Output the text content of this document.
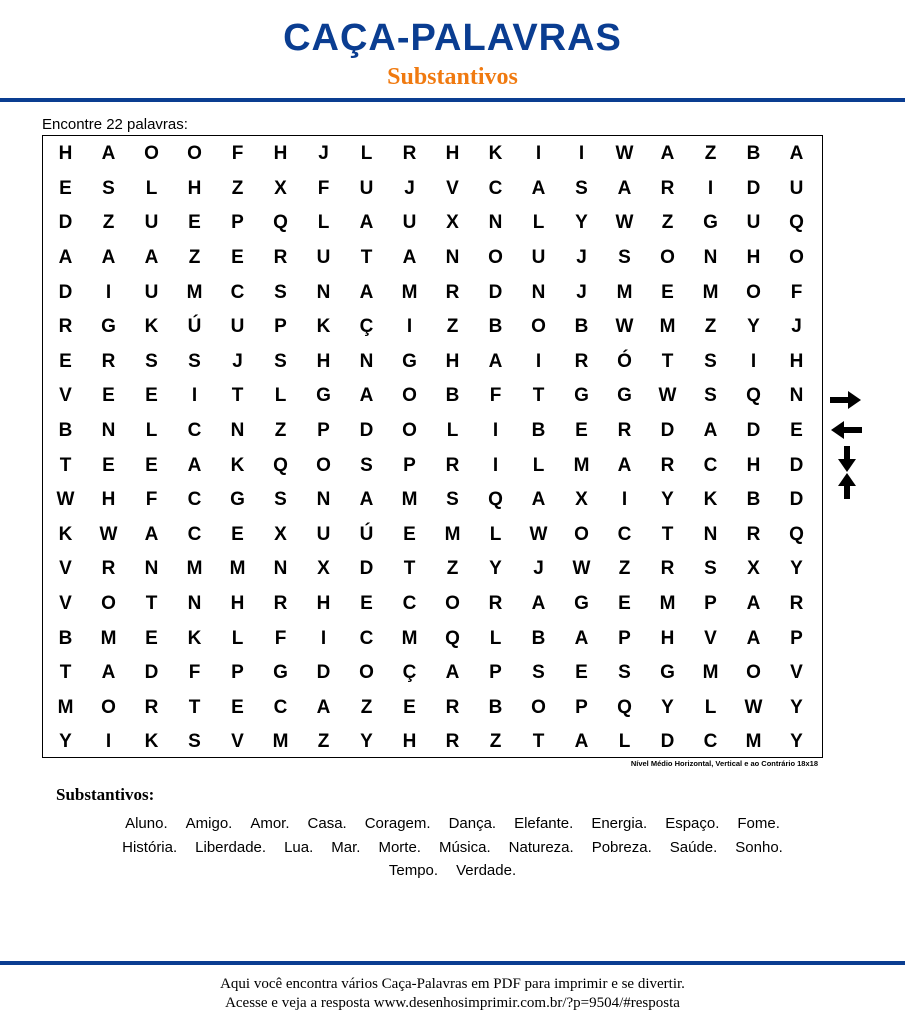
CAÇA-PALAVRAS
Substantivos
Encontre 22 palavras:
H	A	O	O	F	H	J	L	R	H	K	I	I	W	A	Z	B	A
E	S	L	H	Z	X	F	U	J	V	C	A	S	A	R	I	D	U
D	Z	U	E	P	Q	L	A	U	X	N	L	Y	W	Z	G	U	Q
A	A	A	Z	E	R	U	T	A	N	O	U	J	S	O	N	H	O
D	I	U	M	C	S	N	A	M	R	D	N	J	M	E	M	O	F
R	G	K	Ú	U	P	K	Ç	I	Z	B	O	B	W	M	Z	Y	J
E	R	S	S	J	S	H	N	G	H	A	I	R	Ó	T	S	I	H
V	E	E	I	T	L	G	A	O	B	F	T	G	G	W	S	Q	N
B	N	L	C	N	Z	P	D	O	L	I	B	E	R	D	A	D	E
T	E	E	A	K	Q	O	S	P	R	I	L	M	A	R	C	H	D
W	H	F	C	G	S	N	A	M	S	Q	A	X	I	Y	K	B	D
K	W	A	C	E	X	U	Ú	E	M	L	W	O	C	T	N	R	Q
V	R	N	M	M	N	X	D	T	Z	Y	J	W	Z	R	S	X	Y
V	O	T	N	H	R	H	E	C	O	R	A	G	E	M	P	A	R
B	M	E	K	L	F	I	C	M	Q	L	B	A	P	H	V	A	P
T	A	D	F	P	G	D	O	Ç	A	P	S	E	S	G	M	O	V
M	O	R	T	E	C	A	Z	E	R	B	O	P	Q	Y	L	W	Y
Y	I	K	S	V	M	Z	Y	H	R	Z	T	A	L	D	C	M	Y
Nível Médio Horizontal, Vertical e ao Contrário 18x18
Substantivos:
Aluno. Amigo. Amor. Casa. Coragem. Dança. Elefante. Energia. Espaço. Fome.
História. Liberdade. Lua. Mar. Morte. Música. Natureza. Pobreza. Saúde. Sonho.
Tempo. Verdade.
Aqui você encontra vários Caça-Palavras em PDF para imprimir e se divertir.
Acesse e veja a resposta www.desenhosimprimir.com.br/?p=9504/#resposta
